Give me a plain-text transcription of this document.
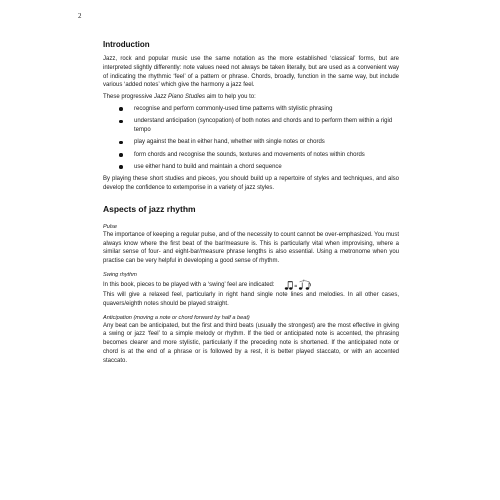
2
Introduction

Jazz, rock and popular music use the same notation as the more established ‘classical’ forms, but are interpreted slightly differently: note values need not always be taken literally, but are used as a convenient way of indicating the rhythmic ‘feel’ of a pattern or phrase. Chords, broadly, function in the same way, but include various ‘added notes’ which give the harmony a jazz feel.

These progressive Jazz Piano Studies aim to help you to:

recognise and perform commonly-used time patterns with stylistic phrasing
understand anticipation (syncopation) of both notes and chords and to perform them within a rigid tempo
play against the beat in either hand, whether with single notes or chords
form chords and recognise the sounds, textures and movements of notes within chords
use either hand to build and maintain a chord sequence

By playing these short studies and pieces, you should build up a repertoire of styles and techniques, and also develop the confidence to extemporise in a variety of jazz styles.

Aspects of jazz rhythm

Pulse

The importance of keeping a regular pulse, and of the necessity to count cannot be over-emphasized. You must always know where the first beat of the bar/measure is. This is particularly vital when improvising, where a similar sense of four- and eight-bar/measure phrase lengths is also essential. Using a metronome when you practise can be very helpful in developing a good sense of rhythm.

Swing rhythm

In this book, pieces to be played with a ‘swing’ feel are indicated:

3

This will give a relaxed feel, particularly in right hand single note lines and melodies. In all other cases, quavers/eighth notes should be played straight.

Anticipation (moving a note or chord forward by half a beat)

Any beat can be anticipated, but the first and third beats (usually the strongest) are the most effective in giving a swing or jazz ‘feel’ to a simple melody or rhythm. If the tied or anticipated note is accented, the phrasing becomes clearer and more stylistic, particularly if the preceding note is shortened. If the anticipated note or chord is at the end of a phrase or is followed by a rest, it is better played staccato, or with an accented staccato.
